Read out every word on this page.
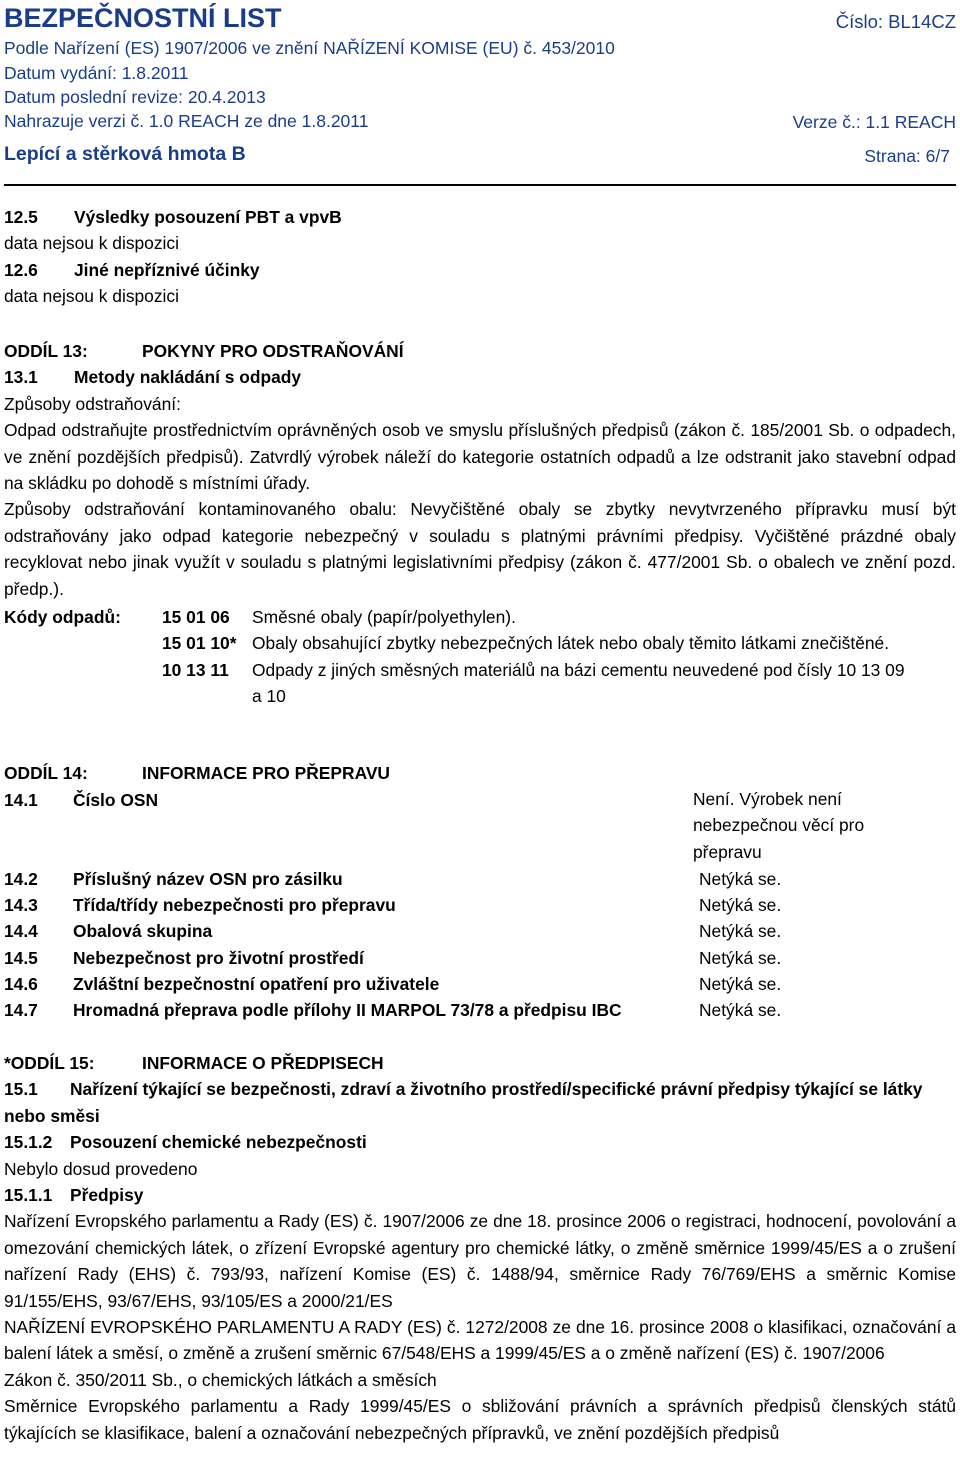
BEZPEČNOSTNÍ LIST	Číslo: BL14CZ
Podle Nařízení (ES) 1907/2006 ve znění NAŘÍZENÍ KOMISE (EU) č. 453/2010
Datum vydání: 1.8.2011
Datum poslední revize: 20.4.2013
Nahrazuje verzi č. 1.0 REACH ze dne 1.8.2011	Verze č.: 1.1 REACH
Lepící a stěrková hmota B	Strana: 6/7
12.5 Výsledky posouzení PBT a vpvB
data nejsou k dispozici
12.6 Jiné nepříznivé účinky
data nejsou k dispozici
ODDÍL 13:	POKYNY PRO ODSTRAŇOVÁNÍ
13.1 Metody nakládání s odpady
Způsoby odstraňování:
Odpad odstraňujte prostřednictvím oprávněných osob ve smyslu příslušných předpisů (zákon č. 185/2001 Sb. o odpadech, ve znění pozdějších předpisů). Zatvrdlý výrobek náleží do kategorie ostatních odpadů a lze odstranit jako stavební odpad na skládku po dohodě s místními úřady.
Způsoby odstraňování kontaminovaného obalu: Nevyčištěné obaly se zbytky nevytvrzeného přípravku musí být odstraňovány jako odpad kategorie nebezpečný v souladu s platnými právními předpisy. Vyčištěné prázdné obaly recyklovat nebo jinak využít v souladu s platnými legislativními předpisy (zákon č. 477/2001 Sb. o obalech ve znění pozd. předp.).
Kódy odpadů:	15 01 06	Směsné obaly (papír/polyethylen).
15 01 10* Obaly obsahující zbytky nebezpečných látek nebo obaly těmito látkami znečištěné.
10 13 11	Odpady z jiných směsných materiálů na bázi cementu neuvedené pod čísly 10 13 09 a 10
ODDÍL 14:	INFORMACE PRO PŘEPRAVU
14.1 Číslo OSN	Není. Výrobek není nebezpečnou věcí pro přepravu
14.2 Příslušný název OSN pro zásilku	Netýká se.
14.3 Třída/třídy nebezpečnosti pro přepravu	Netýká se.
14.4 Obalová skupina	Netýká se.
14.5 Nebezpečnost pro životní prostředí	Netýká se.
14.6 Zvláštní bezpečnostní opatření pro uživatele	Netýká se.
14.7 Hromadná přeprava podle přílohy II MARPOL 73/78 a předpisu IBC	Netýká se.
*ODDÍL 15:	INFORMACE O PŘEDPISECH
15.1 Nařízení týkající se bezpečnosti, zdraví a životního prostředí/specifické právní předpisy týkající se látky nebo směsi
15.1.2 Posouzení chemické nebezpečnosti
Nebylo dosud provedeno
15.1.1 Předpisy
Nařízení Evropského parlamentu a Rady (ES) č. 1907/2006 ze dne 18. prosince 2006 o registraci, hodnocení, povolování a omezování chemických látek, o zřízení Evropské agentury pro chemické látky, o změně směrnice 1999/45/ES a o zrušení nařízení Rady (EHS) č. 793/93, nařízení Komise (ES) č. 1488/94, směrnice Rady 76/769/EHS a směrnic Komise 91/155/EHS, 93/67/EHS, 93/105/ES a 2000/21/ES
NAŘÍZENÍ EVROPSKÉHO PARLAMENTU A RADY (ES) č. 1272/2008 ze dne 16. prosince 2008 o klasifikaci, označování a balení látek a směsí, o změně a zrušení směrnic 67/548/EHS a 1999/45/ES a o změně nařízení (ES) č. 1907/2006
Zákon č. 350/2011 Sb., o chemických látkách a směsích
Směrnice Evropského parlamentu a Rady 1999/45/ES o sbližování právních a správních předpisů členských států týkajících se klasifikace, balení a označování nebezpečných přípravků, ve znění pozdějších předpisů
